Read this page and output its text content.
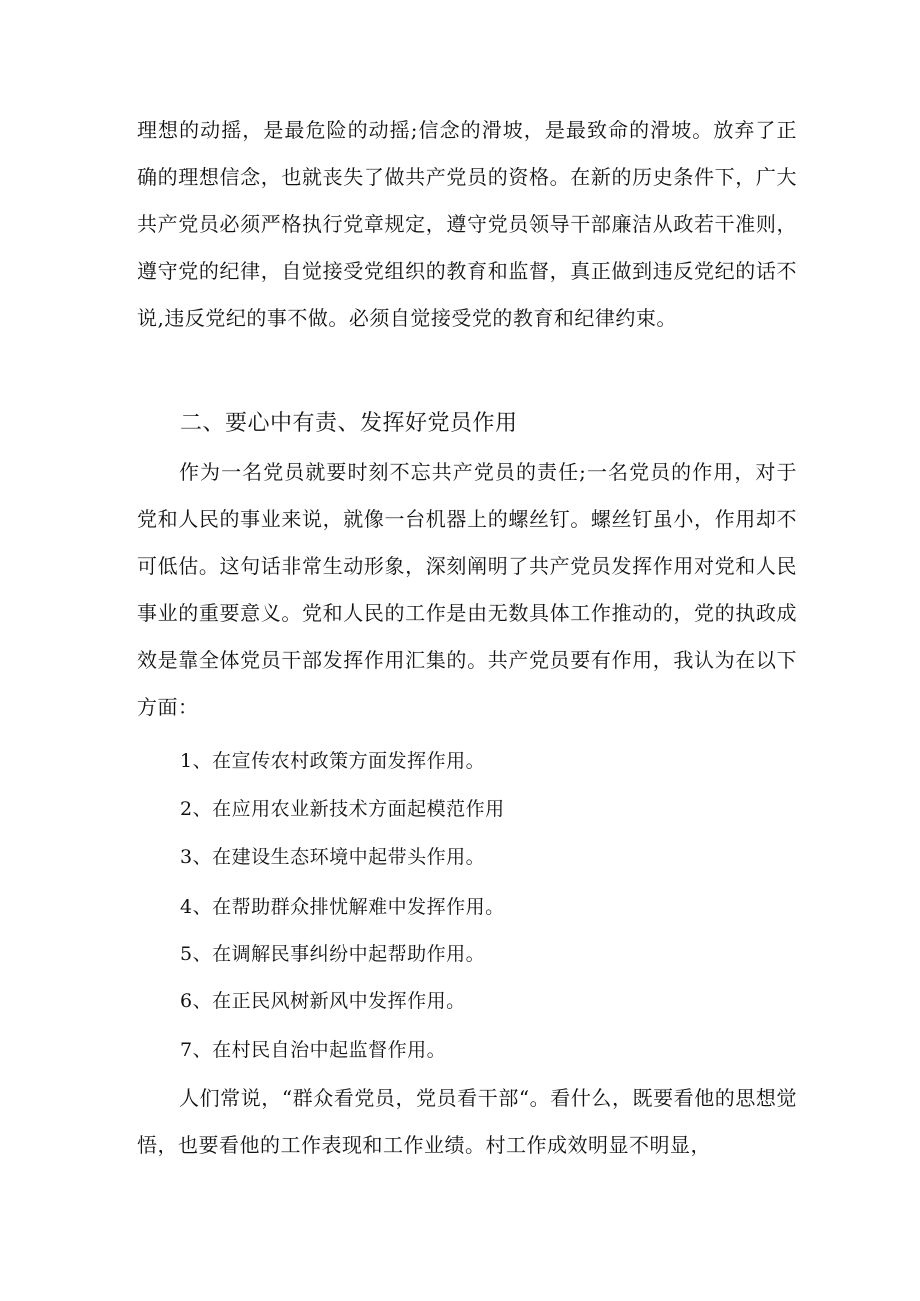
理想的动摇，是最危险的动摇;信念的滑坡，是最致命的滑坡。放弃了正确的理想信念，也就丧失了做共产党员的资格。在新的历史条件下，广大共产党员必须严格执行党章规定，遵守党员领导干部廉洁从政若干准则，遵守党的纪律，自觉接受党组织的教育和监督，真正做到违反党纪的话不说,违反党纪的事不做。必须自觉接受党的教育和纪律约束。

二、要心中有责、发挥好党员作用

作为一名党员就要时刻不忘共产党员的责任;一名党员的作用，对于党和人民的事业来说，就像一台机器上的螺丝钉。螺丝钉虽小，作用却不可低估。这句话非常生动形象，深刻阐明了共产党员发挥作用对党和人民事业的重要意义。党和人民的工作是由无数具体工作推动的，党的执政成效是靠全体党员干部发挥作用汇集的。共产党员要有作用，我认为在以下方面：

1、在宣传农村政策方面发挥作用。

2、在应用农业新技术方面起模范作用

3、在建设生态环境中起带头作用。

4、在帮助群众排忧解难中发挥作用。

5、在调解民事纠纷中起帮助作用。

6、在正民风树新风中发挥作用。

7、在村民自治中起监督作用。

人们常说，“群众看党员，党员看干部“。看什么，既要看他的思想觉悟，也要看他的工作表现和工作业绩。村工作成效明显不明显，
